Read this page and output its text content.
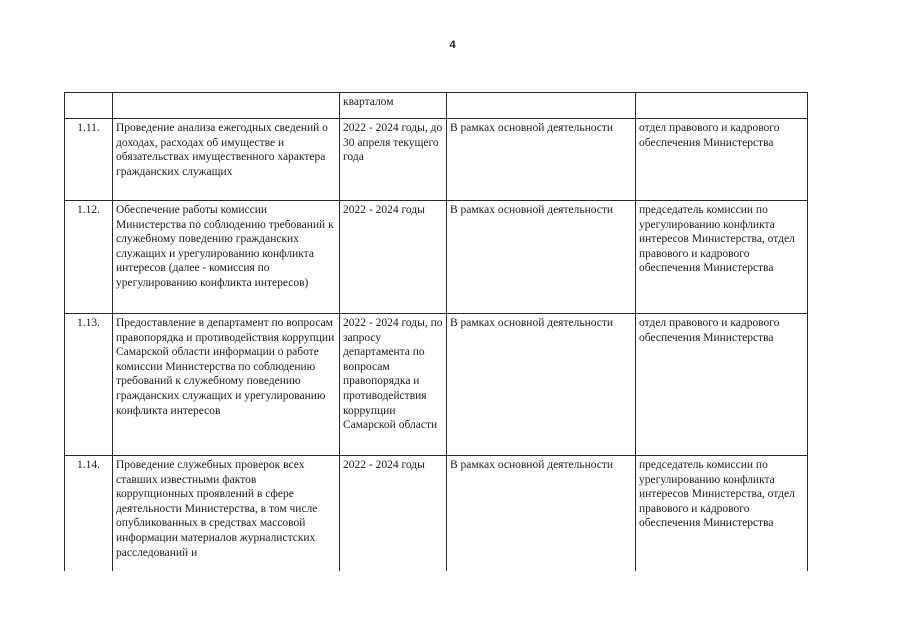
4
		кварталом		
1.11.	Проведение анализа ежегодных сведений о доходах, расходах об имуществе и обязательствах имущественного характера гражданских служащих	2022 - 2024 годы, до 30 апреля текущего года	В рамках основной деятельности	отдел правового и кадрового обеспечения Министерства
1.12.	Обеспечение работы комиссии Министерства по соблюдению требований к служебному поведению гражданских служащих и урегулированию конфликта интересов (далее - комиссия по урегулированию конфликта интересов)	2022 - 2024 годы	В рамках основной деятельности	председатель комиссии по урегулированию конфликта интересов Министерства, отдел правового и кадрового обеспечения Министерства
1.13.	Предоставление в департамент по вопросам правопорядка и противодействия коррупции Самарской области информации о работе комиссии Министерства по соблюдению требований к служебному поведению гражданских служащих и урегулированию конфликта интересов	2022 - 2024 годы, по запросу департамента по вопросам правопорядка и противодействия коррупции Самарской области	В рамках основной деятельности	отдел правового и кадрового обеспечения Министерства
1.14.	Проведение служебных проверок всех ставших известными фактов коррупционных проявлений в сфере деятельности Министерства, в том числе опубликованных в средствах массовой информации материалов журналистских расследований и	2022 - 2024 годы	В рамках основной деятельности	председатель комиссии по урегулированию конфликта интересов Министерства, отдел правового и кадрового обеспечения Министерства
